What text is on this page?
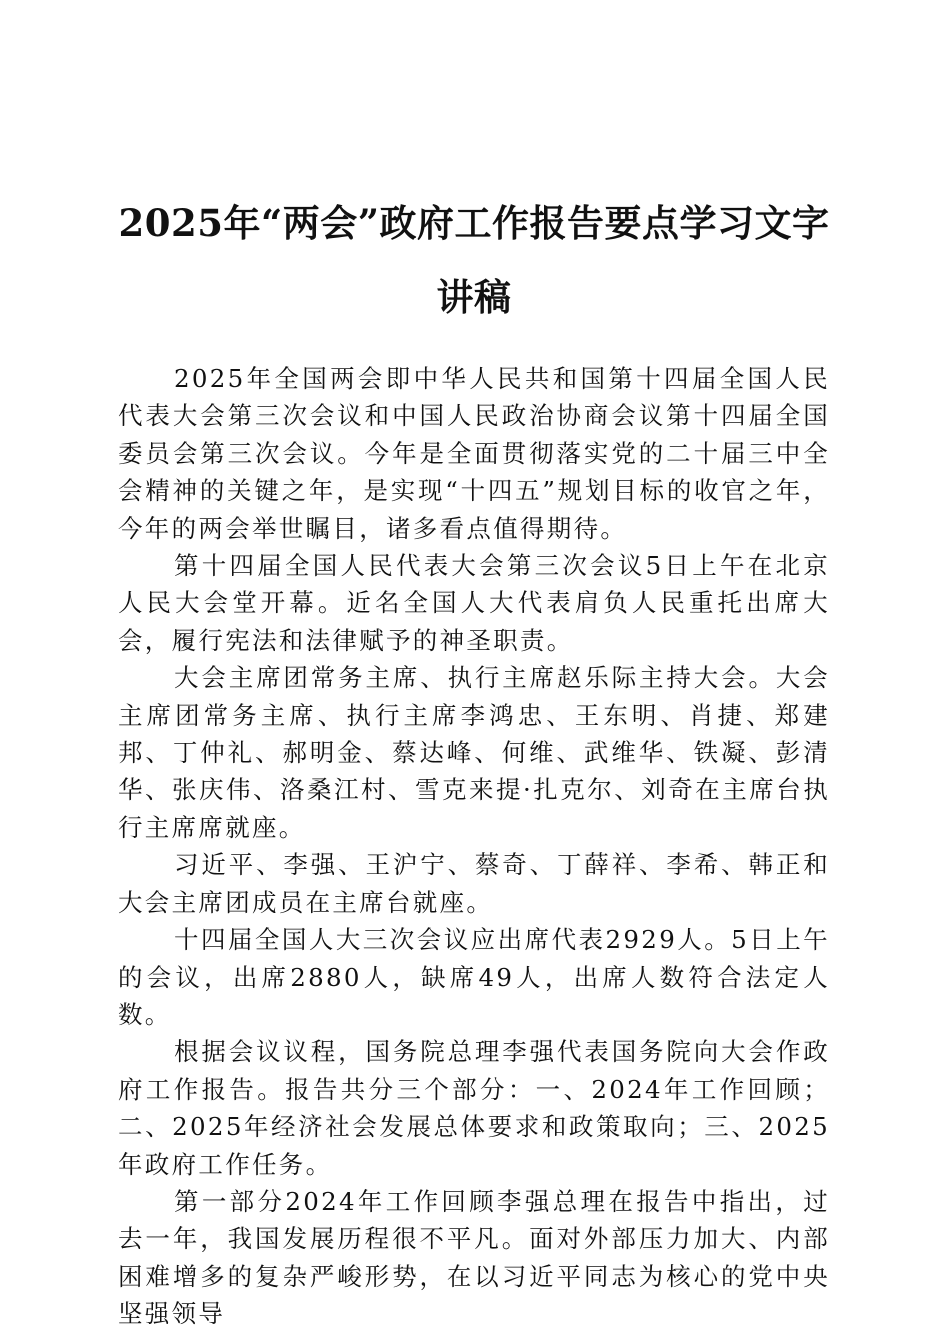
2025年“两会”政府工作报告要点学习文字
讲稿

2025年全国两会即中华人民共和国第十四届全国人民代表大会第三次会议和中国人民政治协商会议第十四届全国委员会第三次会议。今年是全面贯彻落实党的二十届三中全会精神的关键之年，是实现“十四五”规划目标的收官之年，今年的两会举世瞩目，诸多看点值得期待。

第十四届全国人民代表大会第三次会议5日上午在北京人民大会堂开幕。近名全国人大代表肩负人民重托出席大会，履行宪法和法律赋予的神圣职责。

大会主席团常务主席、执行主席赵乐际主持大会。大会主席团常务主席、执行主席李鸿忠、王东明、肖捷、郑建邦、丁仲礼、郝明金、蔡达峰、何维、武维华、铁凝、彭清华、张庆伟、洛桑江村、雪克来提·扎克尔、刘奇在主席台执行主席席就座。

习近平、李强、王沪宁、蔡奇、丁薛祥、李希、韩正和大会主席团成员在主席台就座。

十四届全国人大三次会议应出席代表2929人。5日上午的会议，出席2880人，缺席49人，出席人数符合法定人数。

根据会议议程，国务院总理李强代表国务院向大会作政府工作报告。报告共分三个部分：一、2024年工作回顾；二、2025年经济社会发展总体要求和政策取向；三、2025年政府工作任务。

第一部分2024年工作回顾李强总理在报告中指出，过去一年，我国发展历程很不平凡。面对外部压力加大、内部困难增多的复杂严峻形势，在以习近平同志为核心的党中央坚强领导
